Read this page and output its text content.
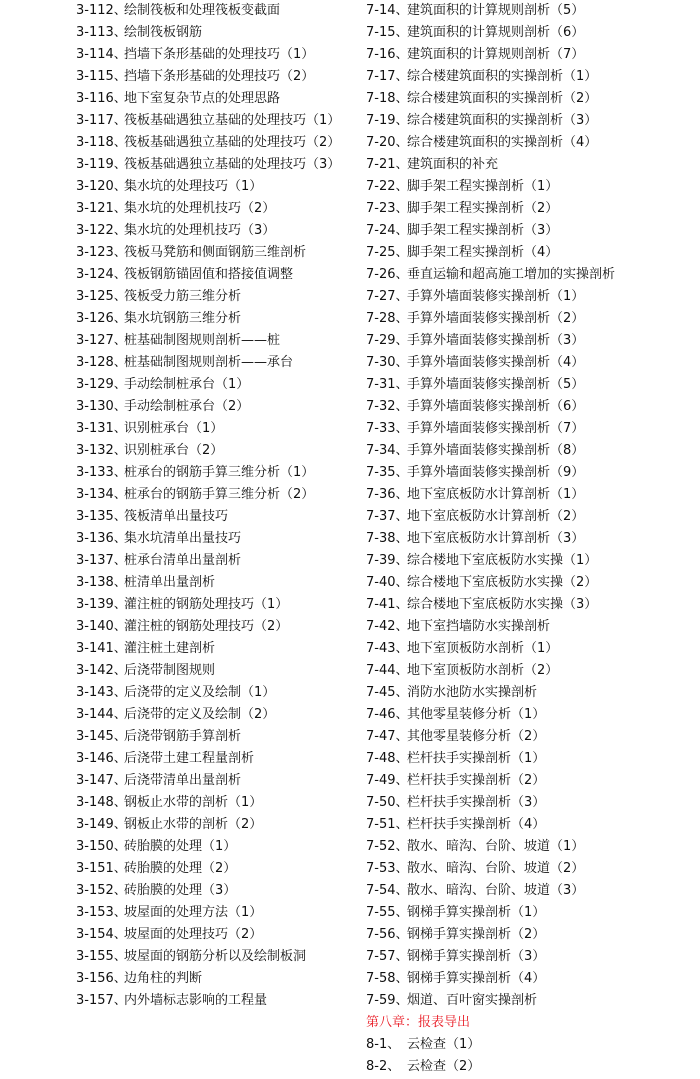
3-112、
绘制筏板和处理筏板变截面
3-113、
绘制筏板钢筋
3-114、
挡墙下条形基础的处理技巧（1）
3-115、
挡墙下条形基础的处理技巧（2）
3-116、
地下室复杂节点的处理思路
3-117、
筏板基础遇独立基础的处理技巧（1）
3-118、
筏板基础遇独立基础的处理技巧（2）
3-119、
筏板基础遇独立基础的处理技巧（3）
3-120、
集水坑的处理技巧（1）
3-121、
集水坑的处理机技巧（2）
3-122、
集水坑的处理机技巧（3）
3-123、
筏板马凳筋和侧面钢筋三维剖析
3-124、
筏板钢筋锚固值和搭接值调整
3-125、
筏板受力筋三维分析
3-126、
集水坑钢筋三维分析
3-127、
桩基础制图规则剖析——桩
3-128、
桩基础制图规则剖析——承台
3-129、
手动绘制桩承台（1）
3-130、
手动绘制桩承台（2）
3-131、
识别桩承台（1）
3-132、
识别桩承台（2）
3-133、
桩承台的钢筋手算三维分析（1）
3-134、
桩承台的钢筋手算三维分析（2）
3-135、
筏板清单出量技巧
3-136、
集水坑清单出量技巧
3-137、
桩承台清单出量剖析
3-138、
桩清单出量剖析
3-139、
灌注桩的钢筋处理技巧（1）
3-140、
灌注桩的钢筋处理技巧（2）
3-141、
灌注桩土建剖析
3-142、
后浇带制图规则
3-143、
后浇带的定义及绘制（1）
3-144、
后浇带的定义及绘制（2）
3-145、
后浇带钢筋手算剖析
3-146、
后浇带土建工程量剖析
3-147、
后浇带清单出量剖析
3-148、
钢板止水带的剖析（1）
3-149、
钢板止水带的剖析（2）
3-150、
砖胎膜的处理（1）
3-151、
砖胎膜的处理（2）
3-152、
砖胎膜的处理（3）
3-153、
坡屋面的处理方法（1）
3-154、
坡屋面的处理技巧（2）
3-155、
坡屋面的钢筋分析以及绘制板洞
3-156、
边角柱的判断
3-157、
内外墙标志影响的工程量
7-14、
建筑面积的计算规则剖析（5）
7-15、
建筑面积的计算规则剖析（6）
7-16、
建筑面积的计算规则剖析（7）
7-17、
综合楼建筑面积的实操剖析（1）
7-18、
综合楼建筑面积的实操剖析（2）
7-19、
综合楼建筑面积的实操剖析（3）
7-20、
综合楼建筑面积的实操剖析（4）
7-21、
建筑面积的补充
7-22、
脚手架工程实操剖析（1）
7-23、
脚手架工程实操剖析（2）
7-24、
脚手架工程实操剖析（3）
7-25、
脚手架工程实操剖析（4）
7-26、
垂直运输和超高施工增加的实操剖析
7-27、
手算外墙面装修实操剖析（1）
7-28、
手算外墙面装修实操剖析（2）
7-29、
手算外墙面装修实操剖析（3）
7-30、
手算外墙面装修实操剖析（4）
7-31、
手算外墙面装修实操剖析（5）
7-32、
手算外墙面装修实操剖析（6）
7-33、
手算外墙面装修实操剖析（7）
7-34、
手算外墙面装修实操剖析（8）
7-35、
手算外墙面装修实操剖析（9）
7-36、
地下室底板防水计算剖析（1）
7-37、
地下室底板防水计算剖析（2）
7-38、
地下室底板防水计算剖析（3）
7-39、
综合楼地下室底板防水实操（1）
7-40、
综合楼地下室底板防水实操（2）
7-41、
综合楼地下室底板防水实操（3）
7-42、
地下室挡墙防水实操剖析
7-43、
地下室顶板防水剖析（1）
7-44、
地下室顶板防水剖析（2）
7-45、
消防水池防水实操剖析
7-46、
其他零星装修分析（1）
7-47、
其他零星装修分析（2）
7-48、
栏杆扶手实操剖析（1）
7-49、
栏杆扶手实操剖析（2）
7-50、
栏杆扶手实操剖析（3）
7-51、
栏杆扶手实操剖析（4）
7-52、
散水、暗沟、台阶、坡道（1）
7-53、
散水、暗沟、台阶、坡道（2）
7-54、
散水、暗沟、台阶、坡道（3）
7-55、
钢梯手算实操剖析（1）
7-56、
钢梯手算实操剖析（2）
7-57、
钢梯手算实操剖析（3）
7-58、
钢梯手算实操剖析（4）
7-59、
烟道、百叶窗实操剖析
第八章：报表导出
8-1、 云检查（1）
8-2、 云检查（2）
